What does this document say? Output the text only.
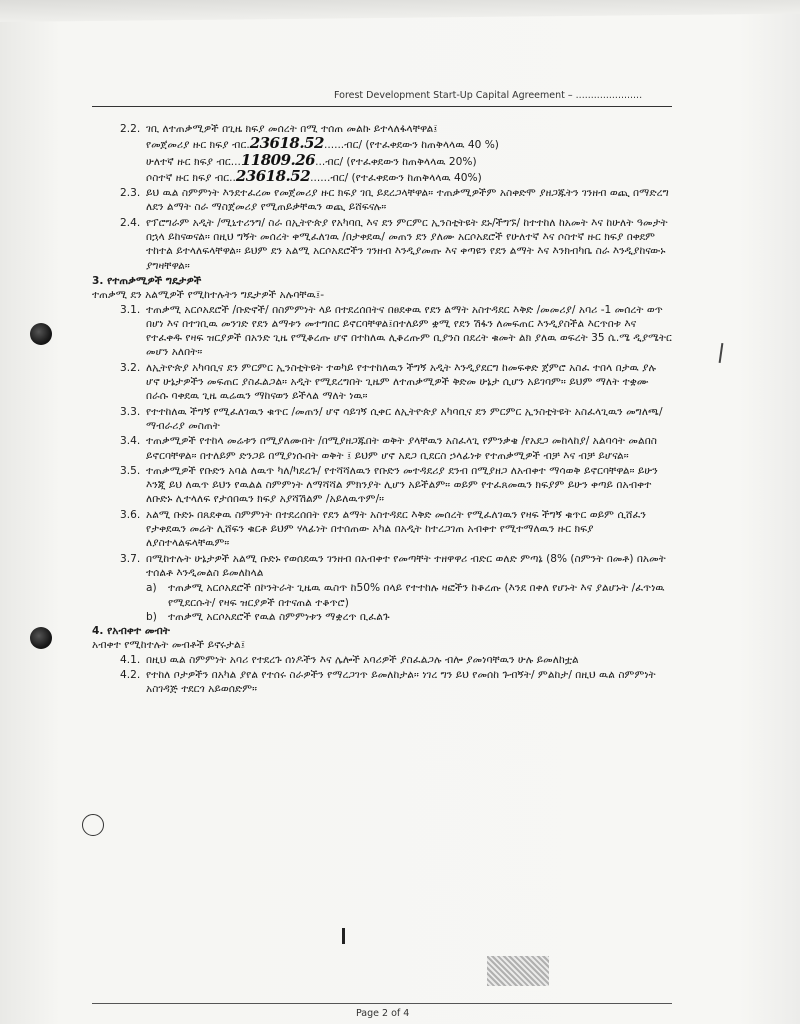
Forest Development Start-Up Capital Agreement – ......................
2.2. ገቢ ለተጠቃሚዎች በጊዜ ክፍያ መሰረት በሚ ተሰጠ መልኩ ይተላለፋላቸዋል፤
የመጀመሪያ ዙር ክፍያ ብር.23618.52......ብር/ (የተፈቀደውን ከጠቅላላዉ 40 %)
ሁለተኛ ዙር ክፍያ ብር...11809.26...ብር/ (የተፈቀደውን ከጠቅላላዉ 20%)
ሶስተኛ ዙር ክፍያ ብር..23618.52......ብር/ (የተፈቀደውን ከጠቅላላዉ 40%)
2.3. ይህ ዉል ስምምነት እንደተፈረመ የመጀመሪያ ዙር ክፍያ ገቢ ይደረጋላቸዋል። ተጠቃሚዎችም አስቀድሞ ያዘጋጁትን ገንዘብ ወጪ በማድረግ ለደን ልማት ስራ ማስጀመሪያ የሚጠይቃቸዉን ወጪ ይሸፍናሉ።
2.4. የፕሮግራም አዲት /ሚኒተሪንግ/ ስራ በኢትዮጵያ የአካባቢ እና ደን ምርምር ኢንስቲትዩት ደኑ/ችግኙ/ ከተተከለ ከአመት እና ከሁለት ዓመታት በኋላ ይከናወናል። በዚህ ግኝት መሰረት ቀሚፈለገዉ /በታቀደዉ/ መጠን ደን ያለሙ አርሶአደሮች የሁለተኛ እና ሶስተኛ ዙር ክፍያ በቀደም ተከተል ይተላለፍላቸዋል። ይህም ደን አልሚ አርሶአደሮችን ገንዘብ እንዲያመጡ እና ቀጣዩን የደን ልማት እና እንክብካቤ ስራ እንዲያከናውኑ ያግዛቸዋል።

3. የተጠቃሚዎች ግዴታዎች

ተጠቃሚ ደን አልሚዎች የሚከተሉትን ግዴታዎች አሉባቸዉ፤-

3.1. ተጠቃሚ አርሶአደሮች /ቡድኖች/ በስምምነት ላይ በተደረሰበትና በፀደቀዉ የደን ልማት አስተዳደር እቅድ /መመሪያ/ አባሪ -1 መሰረት ወጥ በሆነ እና በተገቢዉ መንገድ የደን ልማቱን መተግበር ይኖርባቸዋል፤በተለይም ቋሚ የደን ሽፋን ለመፍጠር እንዲያስችል እርጥበቱ እና የተፈቀዱ የዛፍ ዝርያዎች በአንድ ጊዜ የሚቆረጡ ሆኖ በተከለዉ ሊቆረጡም ቢያንስ በደረት ቁመት ልክ ያለዉ ወፍረት 35 ሴ.ሜ ዲያሜትር መሆን አለበት።
3.2. ለኢትዮጵያ አካባቢና ደን ምርምር ኢንስቲትዩት ተወካይ የተተከለዉን ችግኝ አዲት እንዲያደርግ ከመፍቀድ ጀምሮ አስፈ ተበላ በታዉ ያሉ ሆኖ ሁኔታዎችን መፍጠር ያስፈልጋል። አዲት የሚደረግበት ጊዜም ለተጠቃሚዎች ቅድመ ሁኔታ ሲሆን አይገባም። ይህም ማለት ተቋሙ በራሱ ባቀደዉ ጊዜ ዉሬዉን ማከናወን ይችላል ማለት ነዉ።
3.3. የተተከለዉ ችግኝ የሚፈለገዉን ቁጥር /መጠን/ ሆኖ ሳይገኝ ሲቀር ለኢትዮጵያ አካባቢና ደን ምርምር ኢንስቲትዩት አስፈላጊዉን መግለጫ/ማብራሪያ መስጠት
3.4. ተጠቃሚዎች የተከላ መሬቱን በሚያለሙበት /በሚያዘጋጁበት ወቅት ያላቸዉን አስፈላጊ የምንቃቄ /የአደጋ መከላከያ/ አልባሳት መልበስ ይኖርባቸዋል። በተለይም ድንጋይ በሚያነሱበት ወቅት ፤ ይህም ሆኖ አደጋ ቢደርስ ኃላፊነቱ የተጠቃሚዎች ብቻ እና ብቻ ይሆናል።
3.5. ተጠቃሚዎች የቡድን አባል ለዉጥ ካለ/ካደረጉ/ የተሻሻለዉን የቡድን መተዳደሪያ ደንብ በሚያዘጋ ለአብቀተ ማሳወቅ ይኖርባቸዋል። ይሁን እንጂ ይህ ለዉጥ ይህን የዉልል ስምምነት ለማሻሻል ምክንያት ሊሆን አይችልም። ወይም የተፈጸመዉን ክፍያም ይሁን ቀጣይ በአብቀተ ለቡድኑ ሊተላለፍ የታሰበዉን ክፍያ አያሻሽልም /አይለዉጥም/።
3.6. አልሚ ቡድኑ በጸደቀዉ ስምምነት በተደረሰበት የደን ልማት አስተዳደር እቅድ መሰረት የሚፈለገዉን የዛፍ ችግኝ ቁጥር ወይም ሲሸፈን የታቀደዉን መሬት ሊሸፍን ቁርቶ ይህም ሃላፊነት በተሰጠው አካል በአዲት ከተረጋገጠ አብቀተ የሚተማለዉን ዙር ክፍያ ለያስተላልፍላቸዉም።
3.7. በሚከተሉት ሁኔታዎች አልሚ ቡድኑ የወሰደዉን ገንዘብ በአብቀተ የመጣቸት ተዘዋዋሪ ብድር ወለድ ምጣኔ (8% (ስምንት በመቶ) በአመት ተሰልቶ እንዲመልስ ይመለከላል
a) ተጠቃሚ አርሶአደሮች በኮንትራት ጊዜዉ ዉስጥ ከ50% በላይ የተተከሉ ዛፎችን ከቆረጡ (እንደ በቀለ የሆኑት እና ያልሆኑት /ፈጥነዉ የሚደርሱት/ የዛፍ ዝርያዎች በተናጠል ተቆጥሮ)
b) ተጠቃሚ አርሶአደሮች የዉል ስምምነቱን ማቋረጥ ቢፈልጉ

4. የአብቀተ መብት

አብቀተ የሚከተሉት መብቶች ይኖሩታል፤

4.1. በዚህ ዉል ስምምነት አባሪ የተደረጉ ሰነዶችን እና ሌሎች አባሪዎች ያስፈልጋሉ ብሎ ያመነባቸዉን ሁሉ ይመለከቷል
4.2. የተከለ ቦታዎችን በአካል ያየል የተሰሩ ስራዎችን የማረጋገጥ ይመለከታል። ነገረ ግን ይህ የመሰከ ጉብኝት/ ምልከታ/ በዚህ ዉል ስምምነት አስገዳጅ ተደርጎ አይወሰድም።
Page 2 of 4
